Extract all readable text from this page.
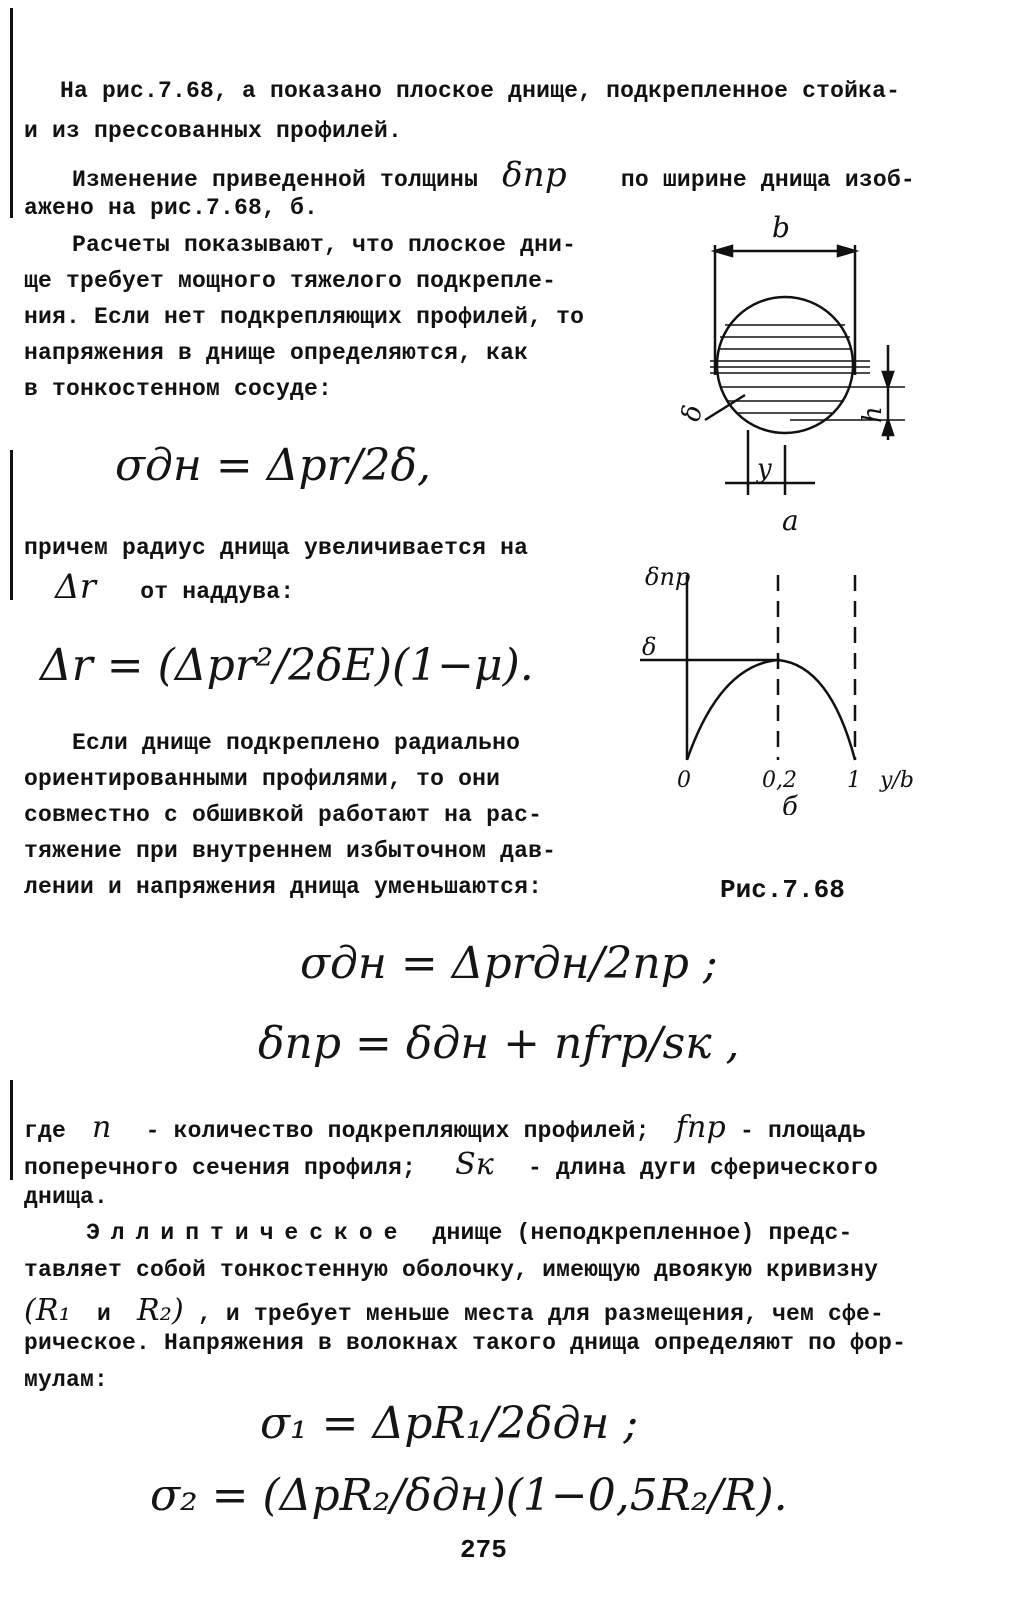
На рис.7.68, а показано плоское днище, подкрепленное стойка-
и из прессованных профилей.
Изменение приведенной толщины δпр по ширине днища изоб-
ажено на рис.7.68, б.
Расчеты показывают, что плоское дни-
ще требует мощного тяжелого подкрепле-
ния. Если нет подкрепляющих профилей, то
напряжения в днище определяются, как
в тонкостенном сосуде:
σдн = Δpr/2δ,
причем радиус днища увеличивается на
Δr от наддува:
Δr = (Δpr²/2δE)(1−μ).
Если днище подкреплено радиально
ориентированными профилями, то они
совместно с обшивкой работают на рас-
тяжение при внутреннем избыточном дав-
лении и напряжения днища уменьшаются:
b
δ	h
y
a
δпр
δ
0	0,2 1 y/b
б
Рис.7.68
σдн = Δprдн/2пр ;
δпр = δдн + nfrp/sк ,
где n - количество подкрепляющих профилей; fпр - площадь
поперечного сечения профиля; Sк - длина дуги сферического
днища.
Эллиптическое днище (неподкрепленное) предс-
тавляет собой тонкостенную оболочку, имеющую двоякую кривизну
(R₁ и R₂) , и требует меньше места для размещения, чем сфе-
рическое. Напряжения в волокнах такого днища определяют по фор-
мулам:
σ₁ = ΔpR₁/2δдн ;
σ₂ = (ΔpR₂/δдн)(1−0,5R₂/R).
275
